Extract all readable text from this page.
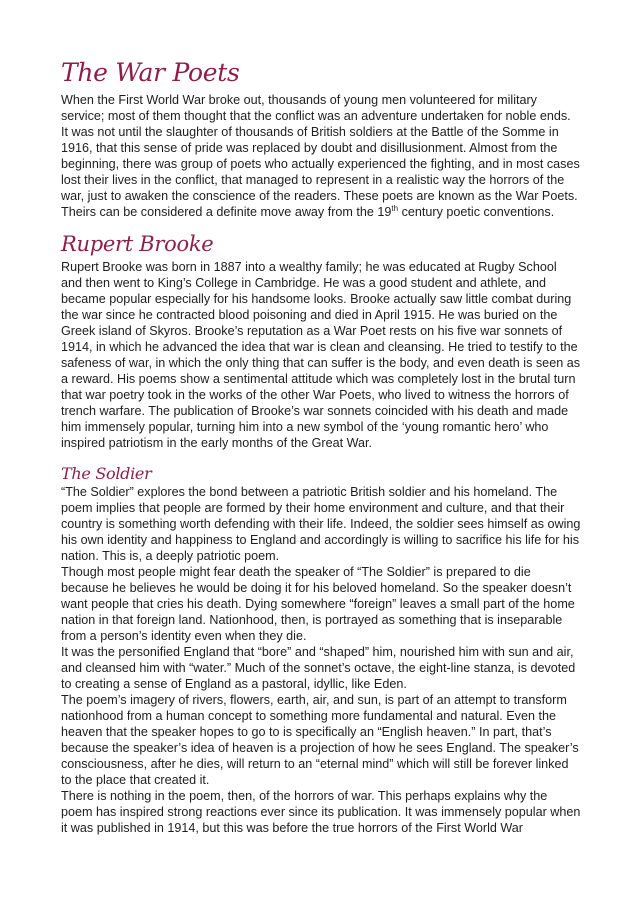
The War Poets

When the First World War broke out, thousands of young men volunteered for military service; most of them thought that the conflict was an adventure undertaken for noble ends. It was not until the slaughter of thousands of British soldiers at the Battle of the Somme in 1916, that this sense of pride was replaced by doubt and disillusionment. Almost from the beginning, there was group of poets who actually experienced the fighting, and in most cases lost their lives in the conflict, that managed to represent in a realistic way the horrors of the war, just to awaken the conscience of the readers. These poets are known as the War Poets. Theirs can be considered a definite move away from the 19th century poetic conventions.

Rupert Brooke

Rupert Brooke was born in 1887 into a wealthy family; he was educated at Rugby School and then went to King’s College in Cambridge. He was a good student and athlete, and became popular especially for his handsome looks. Brooke actually saw little combat during the war since he contracted blood poisoning and died in April 1915. He was buried on the Greek island of Skyros. Brooke’s reputation as a War Poet rests on his five war sonnets of 1914, in which he advanced the idea that war is clean and cleansing. He tried to testify to the safeness of war, in which the only thing that can suffer is the body, and even death is seen as a reward. His poems show a sentimental attitude which was completely lost in the brutal turn that war poetry took in the works of the other War Poets, who lived to witness the horrors of trench warfare. The publication of Brooke’s war sonnets coincided with his death and made him immensely popular, turning him into a new symbol of the ‘young romantic hero’ who inspired patriotism in the early months of the Great War.

The Soldier

“The Soldier” explores the bond between a patriotic British soldier and his homeland. The poem implies that people are formed by their home environment and culture, and that their country is something worth defending with their life. Indeed, the soldier sees himself as owing his own identity and happiness to England and accordingly is willing to sacrifice his life for his nation. This is, a deeply patriotic poem.

Though most people might fear death the speaker of “The Soldier” is prepared to die because he believes he would be doing it for his beloved homeland. So the speaker doesn’t want people that cries his death. Dying somewhere “foreign” leaves a small part of the home nation in that foreign land. Nationhood, then, is portrayed as something that is inseparable from a person’s identity even when they die.

It was the personified England that “bore” and “shaped” him, nourished him with sun and air, and cleansed him with “water.” Much of the sonnet’s octave, the eight-line stanza, is devoted to creating a sense of England as a pastoral, idyllic, like Eden.

The poem’s imagery of rivers, flowers, earth, air, and sun, is part of an attempt to transform nationhood from a human concept to something more fundamental and natural. Even the heaven that the speaker hopes to go to is specifically an “English heaven.” In part, that’s because the speaker’s idea of heaven is a projection of how he sees England. The speaker’s consciousness, after he dies, will return to an “eternal mind” which will still be forever linked to the place that created it.

There is nothing in the poem, then, of the horrors of war. This perhaps explains why the poem has inspired strong reactions ever since its publication. It was immensely popular when it was published in 1914, but this was before the true horrors of the First World War
